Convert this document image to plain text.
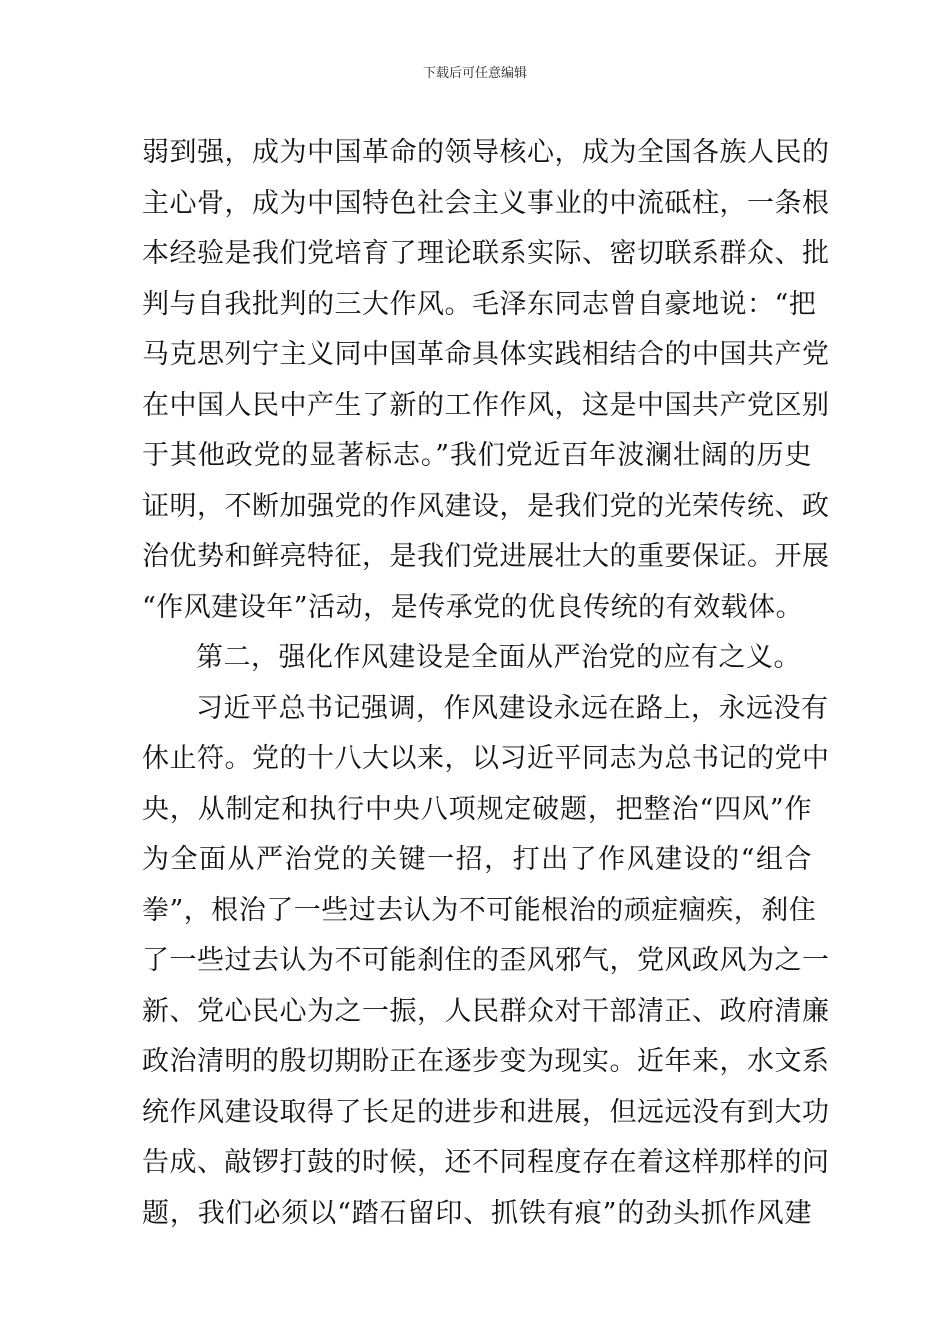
下载后可任意编辑
弱到强，成为中国革命的领导核心，成为全国各族人民的
主心骨，成为中国特色社会主义事业的中流砥柱，一条根
本经验是我们党培育了理论联系实际、密切联系群众、批
判与自我批判的三大作风。毛泽东同志曾自豪地说：“把
马克思列宁主义同中国革命具体实践相结合的中国共产党
在中国人民中产生了新的工作作风，这是中国共产党区别
于其他政党的显著标志。”我们党近百年波澜壮阔的历史
证明，不断加强党的作风建设，是我们党的光荣传统、政
治优势和鲜亮特征，是我们党进展壮大的重要保证。开展
“作风建设年”活动，是传承党的优良传统的有效载体。
第二，强化作风建设是全面从严治党的应有之义。
习近平总书记强调，作风建设永远在路上，永远没有
休止符。党的十八大以来，以习近平同志为总书记的党中
央，从制定和执行中央八项规定破题，把整治“四风”作
为全面从严治党的关键一招，打出了作风建设的“组合
拳”，根治了一些过去认为不可能根治的顽症痼疾，刹住
了一些过去认为不可能刹住的歪风邪气，党风政风为之一
新、党心民心为之一振，人民群众对干部清正、政府清廉
政治清明的殷切期盼正在逐步变为现实。近年来，水文系
统作风建设取得了长足的进步和进展，但远远没有到大功
告成、敲锣打鼓的时候，还不同程度存在着这样那样的问
题，我们必须以“踏石留印、抓铁有痕”的劲头抓作风建
